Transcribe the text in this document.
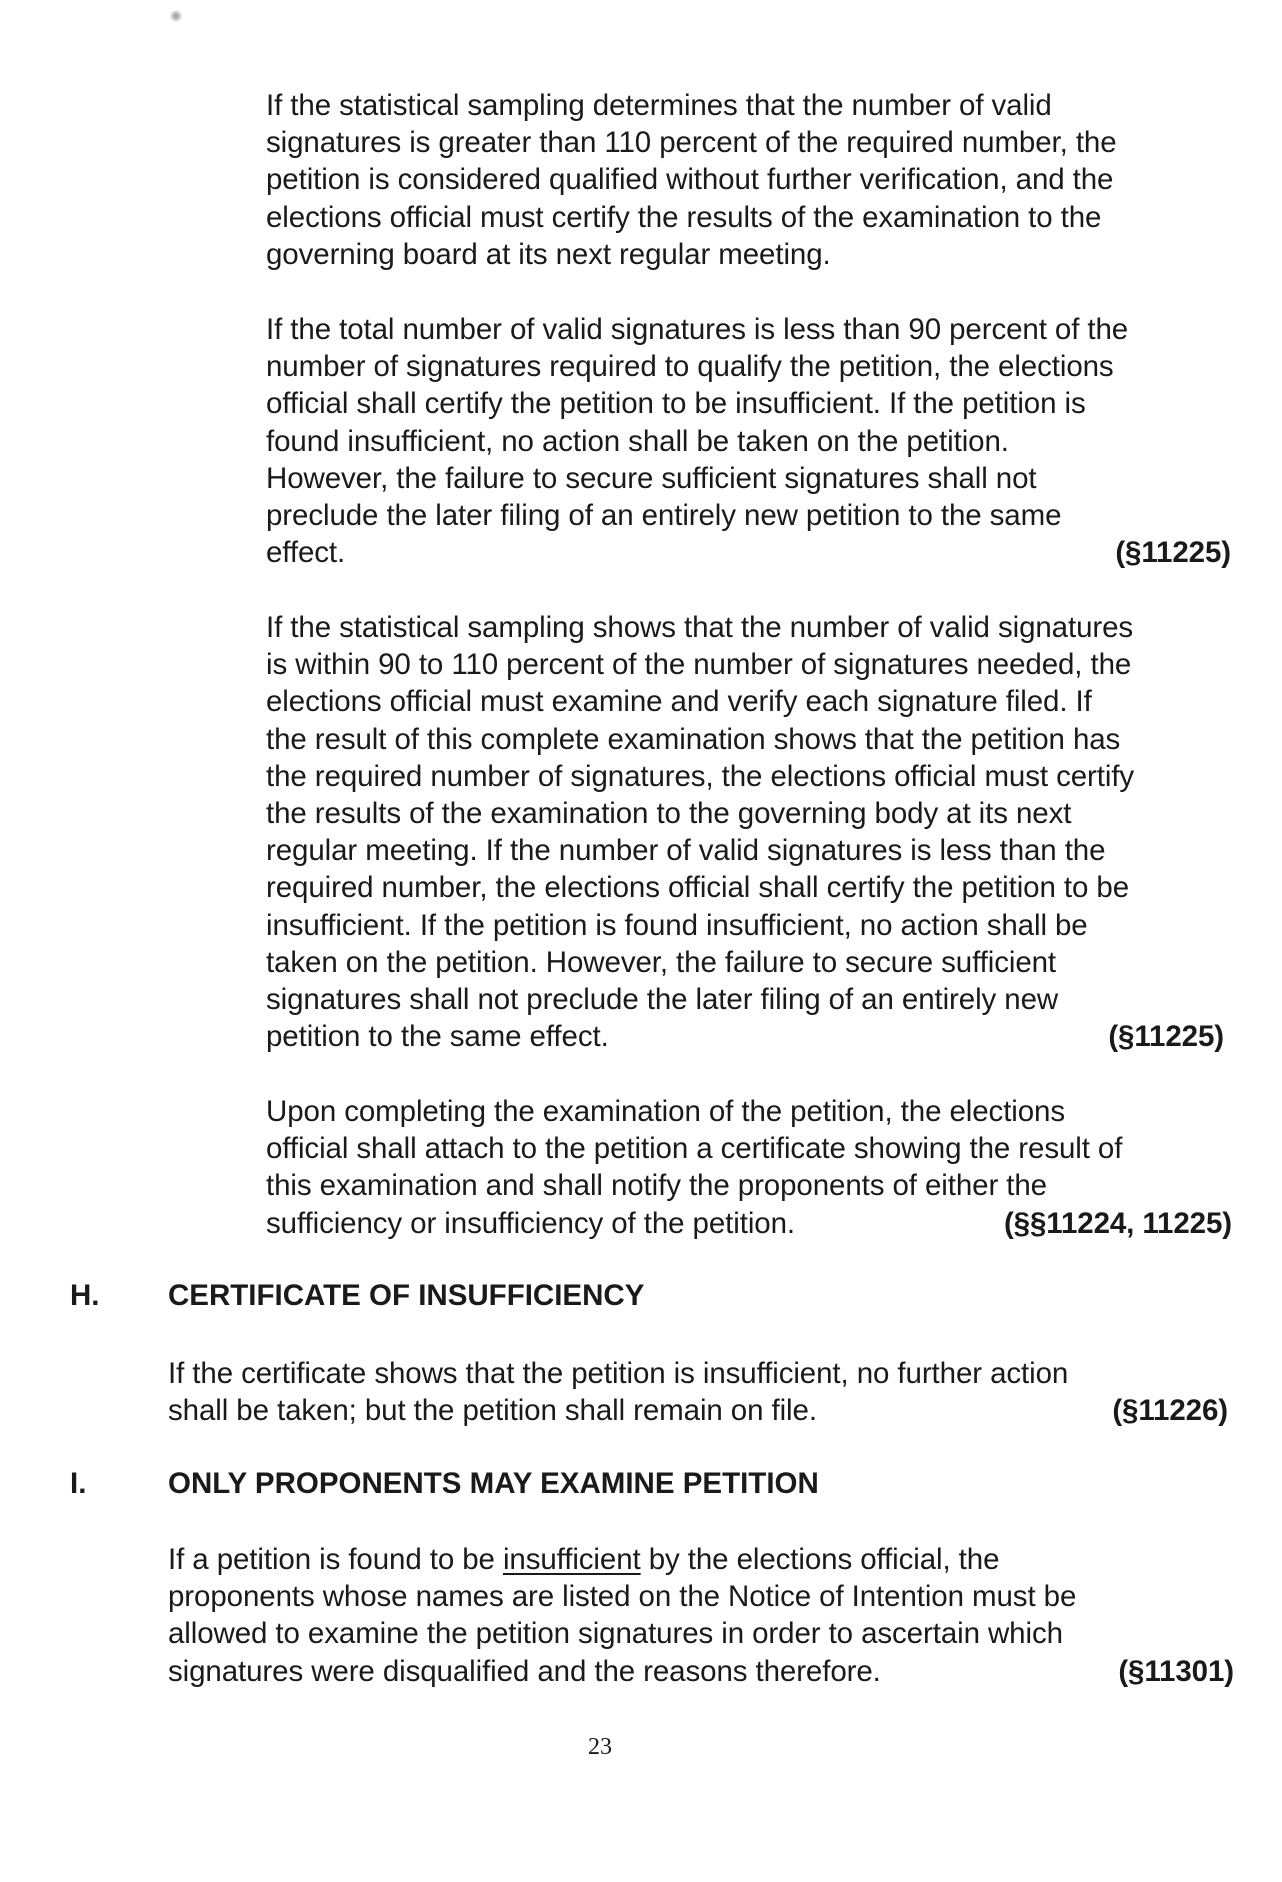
If the statistical sampling determines that the number of valid
signatures is greater than 110 percent of the required number, the
petition is considered qualified without further verification, and the
elections official must certify the results of the examination to the
governing board at its next regular meeting.
If the total number of valid signatures is less than 90 percent of the
number of signatures required to qualify the petition, the elections
official shall certify the petition to be insufficient. If the petition is
found insufficient, no action shall be taken on the petition.
However, the failure to secure sufficient signatures shall not
preclude the later filing of an entirely new petition to the same
effect.	(§11225)
If the statistical sampling shows that the number of valid signatures
is within 90 to 110 percent of the number of signatures needed, the
elections official must examine and verify each signature filed. If
the result of this complete examination shows that the petition has
the required number of signatures, the elections official must certify
the results of the examination to the governing body at its next
regular meeting. If the number of valid signatures is less than the
required number, the elections official shall certify the petition to be
insufficient. If the petition is found insufficient, no action shall be
taken on the petition. However, the failure to secure sufficient
signatures shall not preclude the later filing of an entirely new
petition to the same effect.	(§11225)
Upon completing the examination of the petition, the elections
official shall attach to the petition a certificate showing the result of
this examination and shall notify the proponents of either the
sufficiency or insufficiency of the petition.	(§§11224, 11225)
H. CERTIFICATE OF INSUFFICIENCY
If the certificate shows that the petition is insufficient, no further action
shall be taken; but the petition shall remain on file.	(§11226)
I.	ONLY PROPONENTS MAY EXAMINE PETITION
If a petition is found to be insufficient by the elections official, the
proponents whose names are listed on the Notice of Intention must be
allowed to examine the petition signatures in order to ascertain which
signatures were disqualified and the reasons therefore.	(§11301)
23
